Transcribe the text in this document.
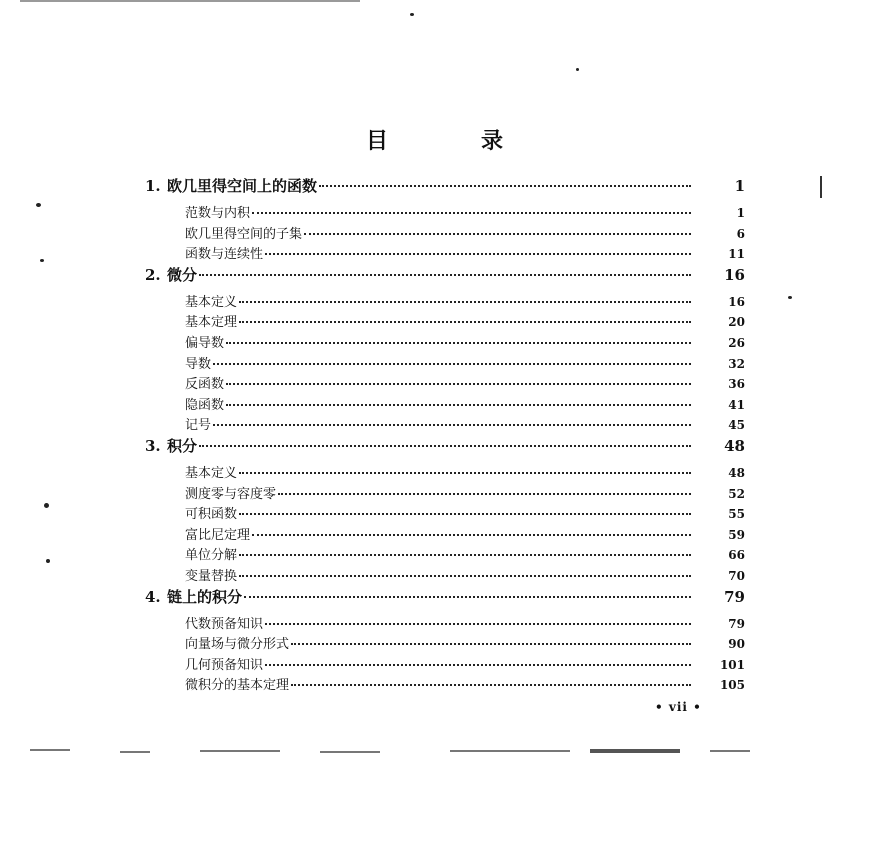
目	录
1. 欧几里得空间上的函数	1
范数与内积	1
欧几里得空间的子集	6
函数与连续性	11
2. 微分	16
基本定义	16
基本定理	20
偏导数	26
导数	32
反函数	36
隐函数	41
记号	45
3. 积分	48
基本定义	48
测度零与容度零	52
可积函数	55
富比尼定理	59
单位分解	66
变量替换	70
4. 链上的积分	79
代数预备知识	79
向量场与微分形式	90
几何预备知识	101
微积分的基本定理	105
• vii •
